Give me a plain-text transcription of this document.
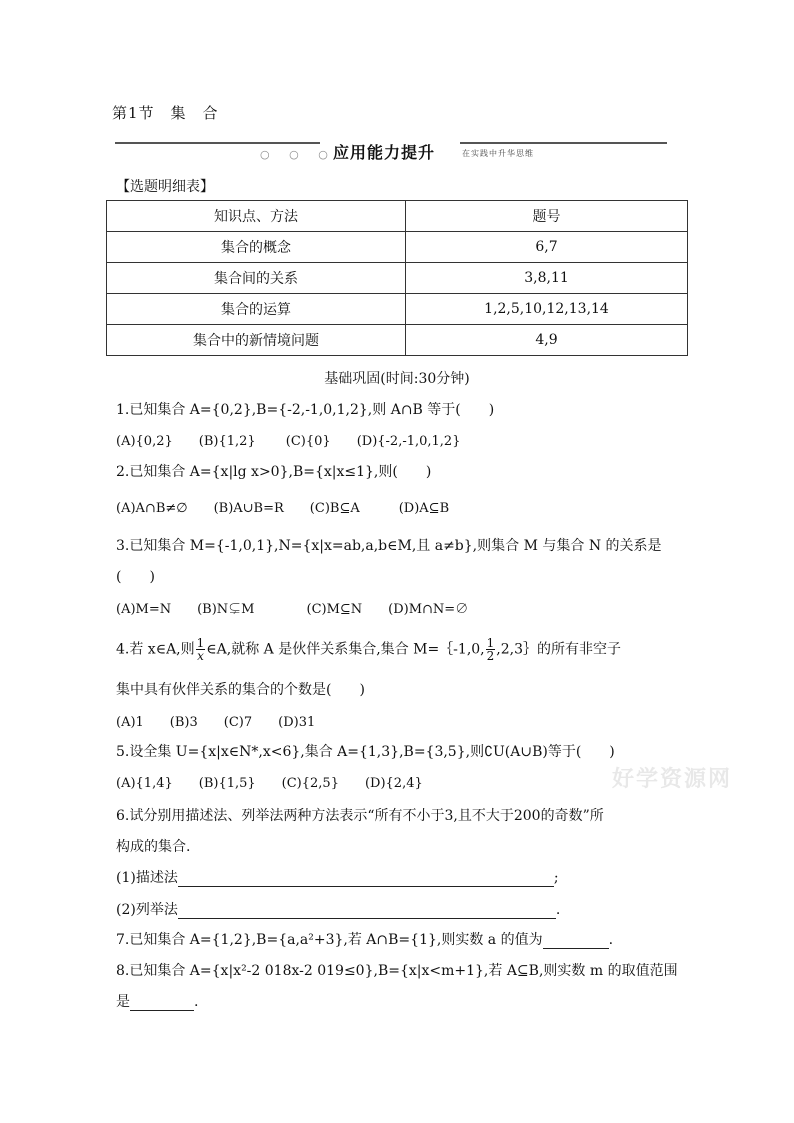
第1节　集　合
○ ○ ○
应用能力提升	在实践中升华思维
【选题明细表】
知识点、方法	题号
集合的概念	6,7
集合间的关系	3,8,11
集合的运算	1,2,5,10,12,13,14
集合中的新情境问题	4,9
基础巩固(时间:30分钟)
1.已知集合 A={0,2},B={-2,-1,0,1,2},则 A∩B 等于(　　)
(A){0,2}　　(B){1,2}　　 (C){0}　　(D){-2,-1,0,1,2}
2.已知集合 A={x|lg x>0},B={x|x≤1},则(　　)
(A)A∩B≠∅　　(B)A∪B=R　　(C)B⊆A　　　(D)A⊆B
3.已知集合 M={-1,0,1},N={x|x=ab,a,b∈M,且 a≠b},则集合 M 与集合 N 的关系是
(　　)
(A)M=N　　(B)N⊊M　　　　(C)M⊆N　　(D)M∩N=∅
4.若 x∈A,则 $\frac{1}{x}$ ∈A,就称 A 是伙伴关系集合,集合 M=｛-1,0, $\frac{1}{2}$ ,2,3｝的所有非空子
集中具有伙伴关系的集合的个数是(　　)
(A)1　　(B)3　　(C)7　　(D)31
5.设全集 U={x|x∈N*,x<6},集合 A={1,3},B={3,5},则∁U(A∪B)等于(　　)
(A){1,4}　　(B){1,5}　　(C){2,5}　　(D){2,4}	好学资源网
6.试分别用描述法、列举法两种方法表示“所有不小于3,且不大于200的奇数”所
构成的集合.
(1)描述法	;
(2)列举法	.
7.已知集合 A={1,2},B={a,a²+3},若 A∩B={1},则实数 a 的值为	.
8.已知集合 A={x|x²-2 018x-2 019≤0},B={x|x<m+1},若 A⊆B,则实数 m 的取值范围
是	.
